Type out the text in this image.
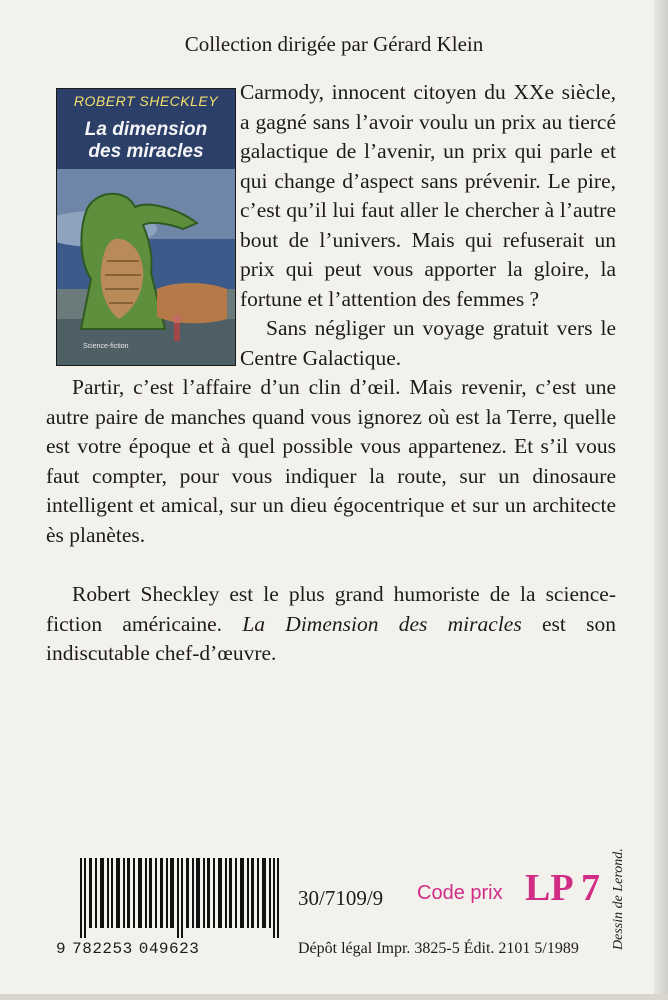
Collection dirigée par Gérard Klein
ROBERT SHECKLEY
La dimension
des miracles
Science-fiction

Carmody, innocent citoyen du XXe siècle, a gagné sans l’avoir voulu un prix au tiercé galactique de l’avenir, un prix qui parle et qui change d’aspect sans prévenir. Le pire, c’est qu’il lui faut aller le chercher à l’autre bout de l’univers. Mais qui refuserait un prix qui peut vous apporter la gloire, la fortune et l’attention des femmes ?

Sans négliger un voyage gratuit vers le Centre Galactique.

Partir, c’est l’affaire d’un clin d’œil. Mais revenir, c’est une autre paire de manches quand vous ignorez où est la Terre, quelle est votre époque et à quel possible vous appartenez. Et s’il vous faut compter, pour vous indiquer la route, sur un dinosaure intelligent et amical, sur un dieu égocentrique et sur un architecte ès planètes.

Robert Sheckley est le plus grand humoriste de la science-fiction américaine. La Dimension des miracles est son indiscutable chef-d’œuvre.

Dessin de Lerond.
9 782253 049623
30/7109/9 Code prix LP 7
Dépôt légal Impr. 3825-5 Édit. 2101 5/1989
